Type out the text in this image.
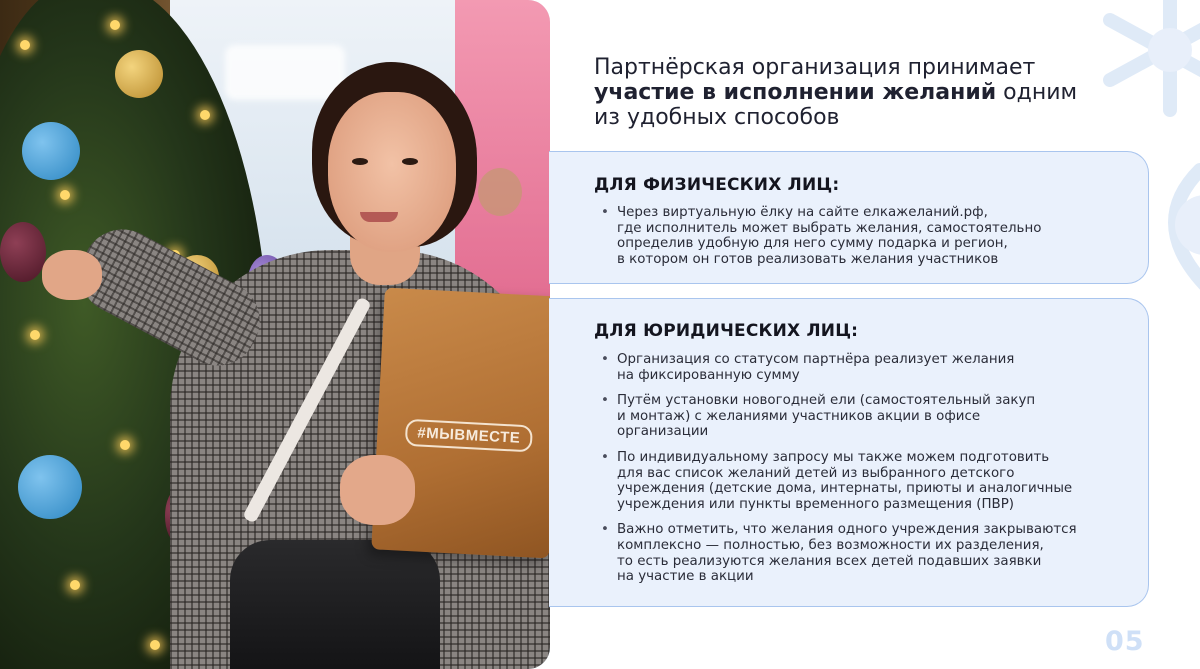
#МЫВМЕСТЕ
Партнёрская организация принимает
участие в исполнении желаний одним
из удобных способов
ДЛЯ ФИЗИЧЕСКИХ ЛИЦ:
• Через виртуальную ёлку на сайте елкажеланий.рф,
где исполнитель может выбрать желания, самостоятельно
определив удобную для него сумму подарка и регион,
в котором он готов реализовать желания участников
ДЛЯ ЮРИДИЧЕСКИХ ЛИЦ:
• Организация со статусом партнёра реализует желания
на фиксированную сумму
• Путём установки новогодней ели (самостоятельный закуп
и монтаж) с желаниями участников акции в офисе
организации
• По индивидуальному запросу мы также можем подготовить
для вас список желаний детей из выбранного детского
учреждения (детские дома, интернаты, приюты и аналогичные
учреждения или пункты временного размещения (ПВР)
• Важно отметить, что желания одного учреждения закрываются
комплексно — полностью, без возможности их разделения,
то есть реализуются желания всех детей подавших заявки
на участие в акции
05
